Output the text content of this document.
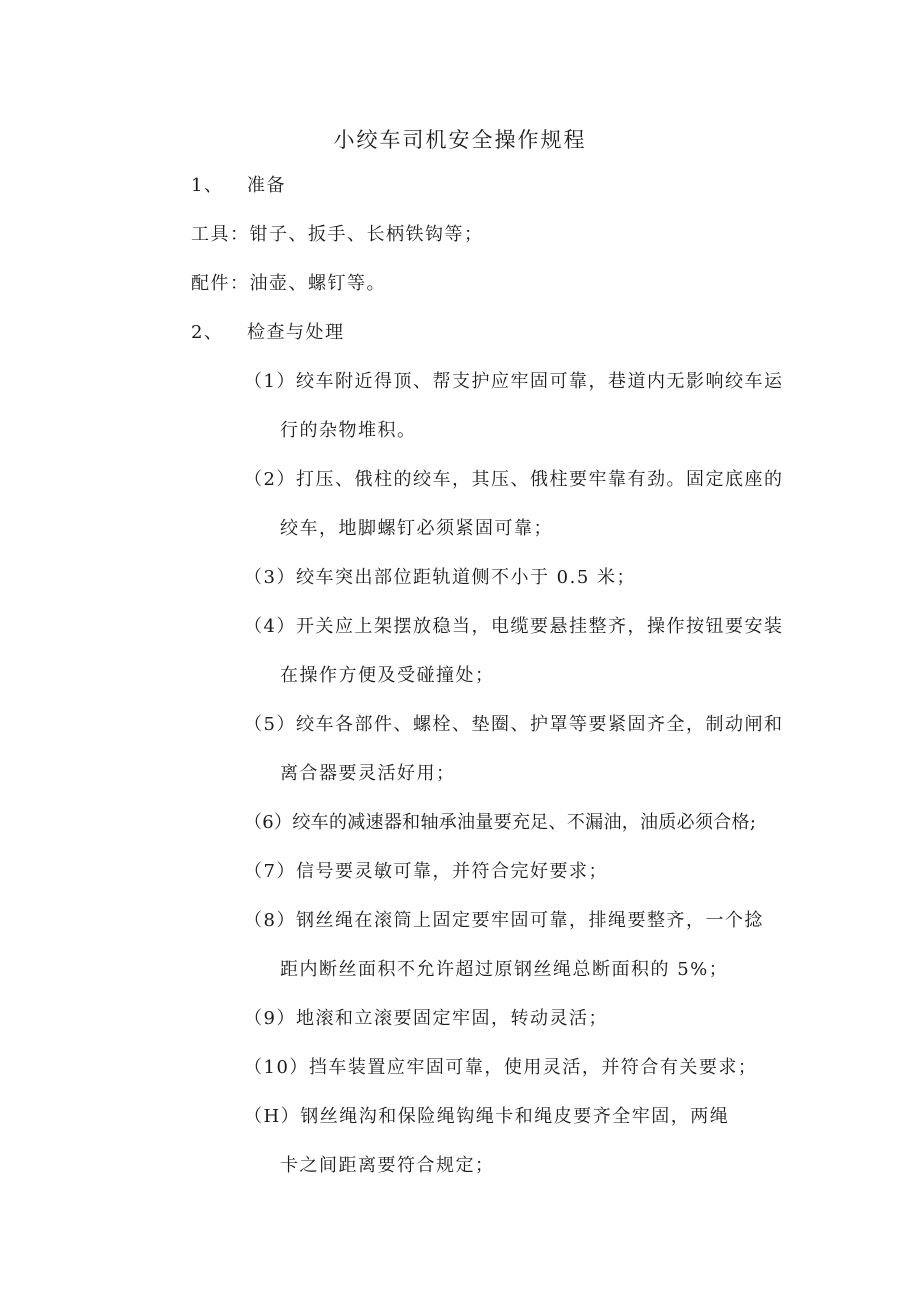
小绞车司机安全操作规程
1、 准备
工具：钳子、扳手、长柄铁钩等；
配件：油壶、螺钉等。
2、 检查与处理
（1）绞车附近得顶、帮支护应牢固可靠，巷道内无影响绞车运
行的杂物堆积。
（2）打压、俄柱的绞车，其压、俄柱要牢靠有劲。固定底座的
绞车，地脚螺钉必须紧固可靠；
（3）绞车突出部位距轨道侧不小于 0.5 米；
（4）开关应上架摆放稳当，电缆要悬挂整齐，操作按钮要安装
在操作方便及受碰撞处；
（5）绞车各部件、螺栓、垫圈、护罩等要紧固齐全，制动闸和
离合器要灵活好用；
（6）绞车的减速器和轴承油量要充足、不漏油，油质必须合格;
（7）信号要灵敏可靠，并符合完好要求；
（8）钢丝绳在滚筒上固定要牢固可靠，排绳要整齐，一个捻
距内断丝面积不允许超过原钢丝绳总断面积的 5%；
（9）地滚和立滚要固定牢固，转动灵活；
（10）挡车装置应牢固可靠，使用灵活，并符合有关要求；
（H）钢丝绳沟和保险绳钩绳卡和绳皮要齐全牢固，两绳
卡之间距离要符合规定；
